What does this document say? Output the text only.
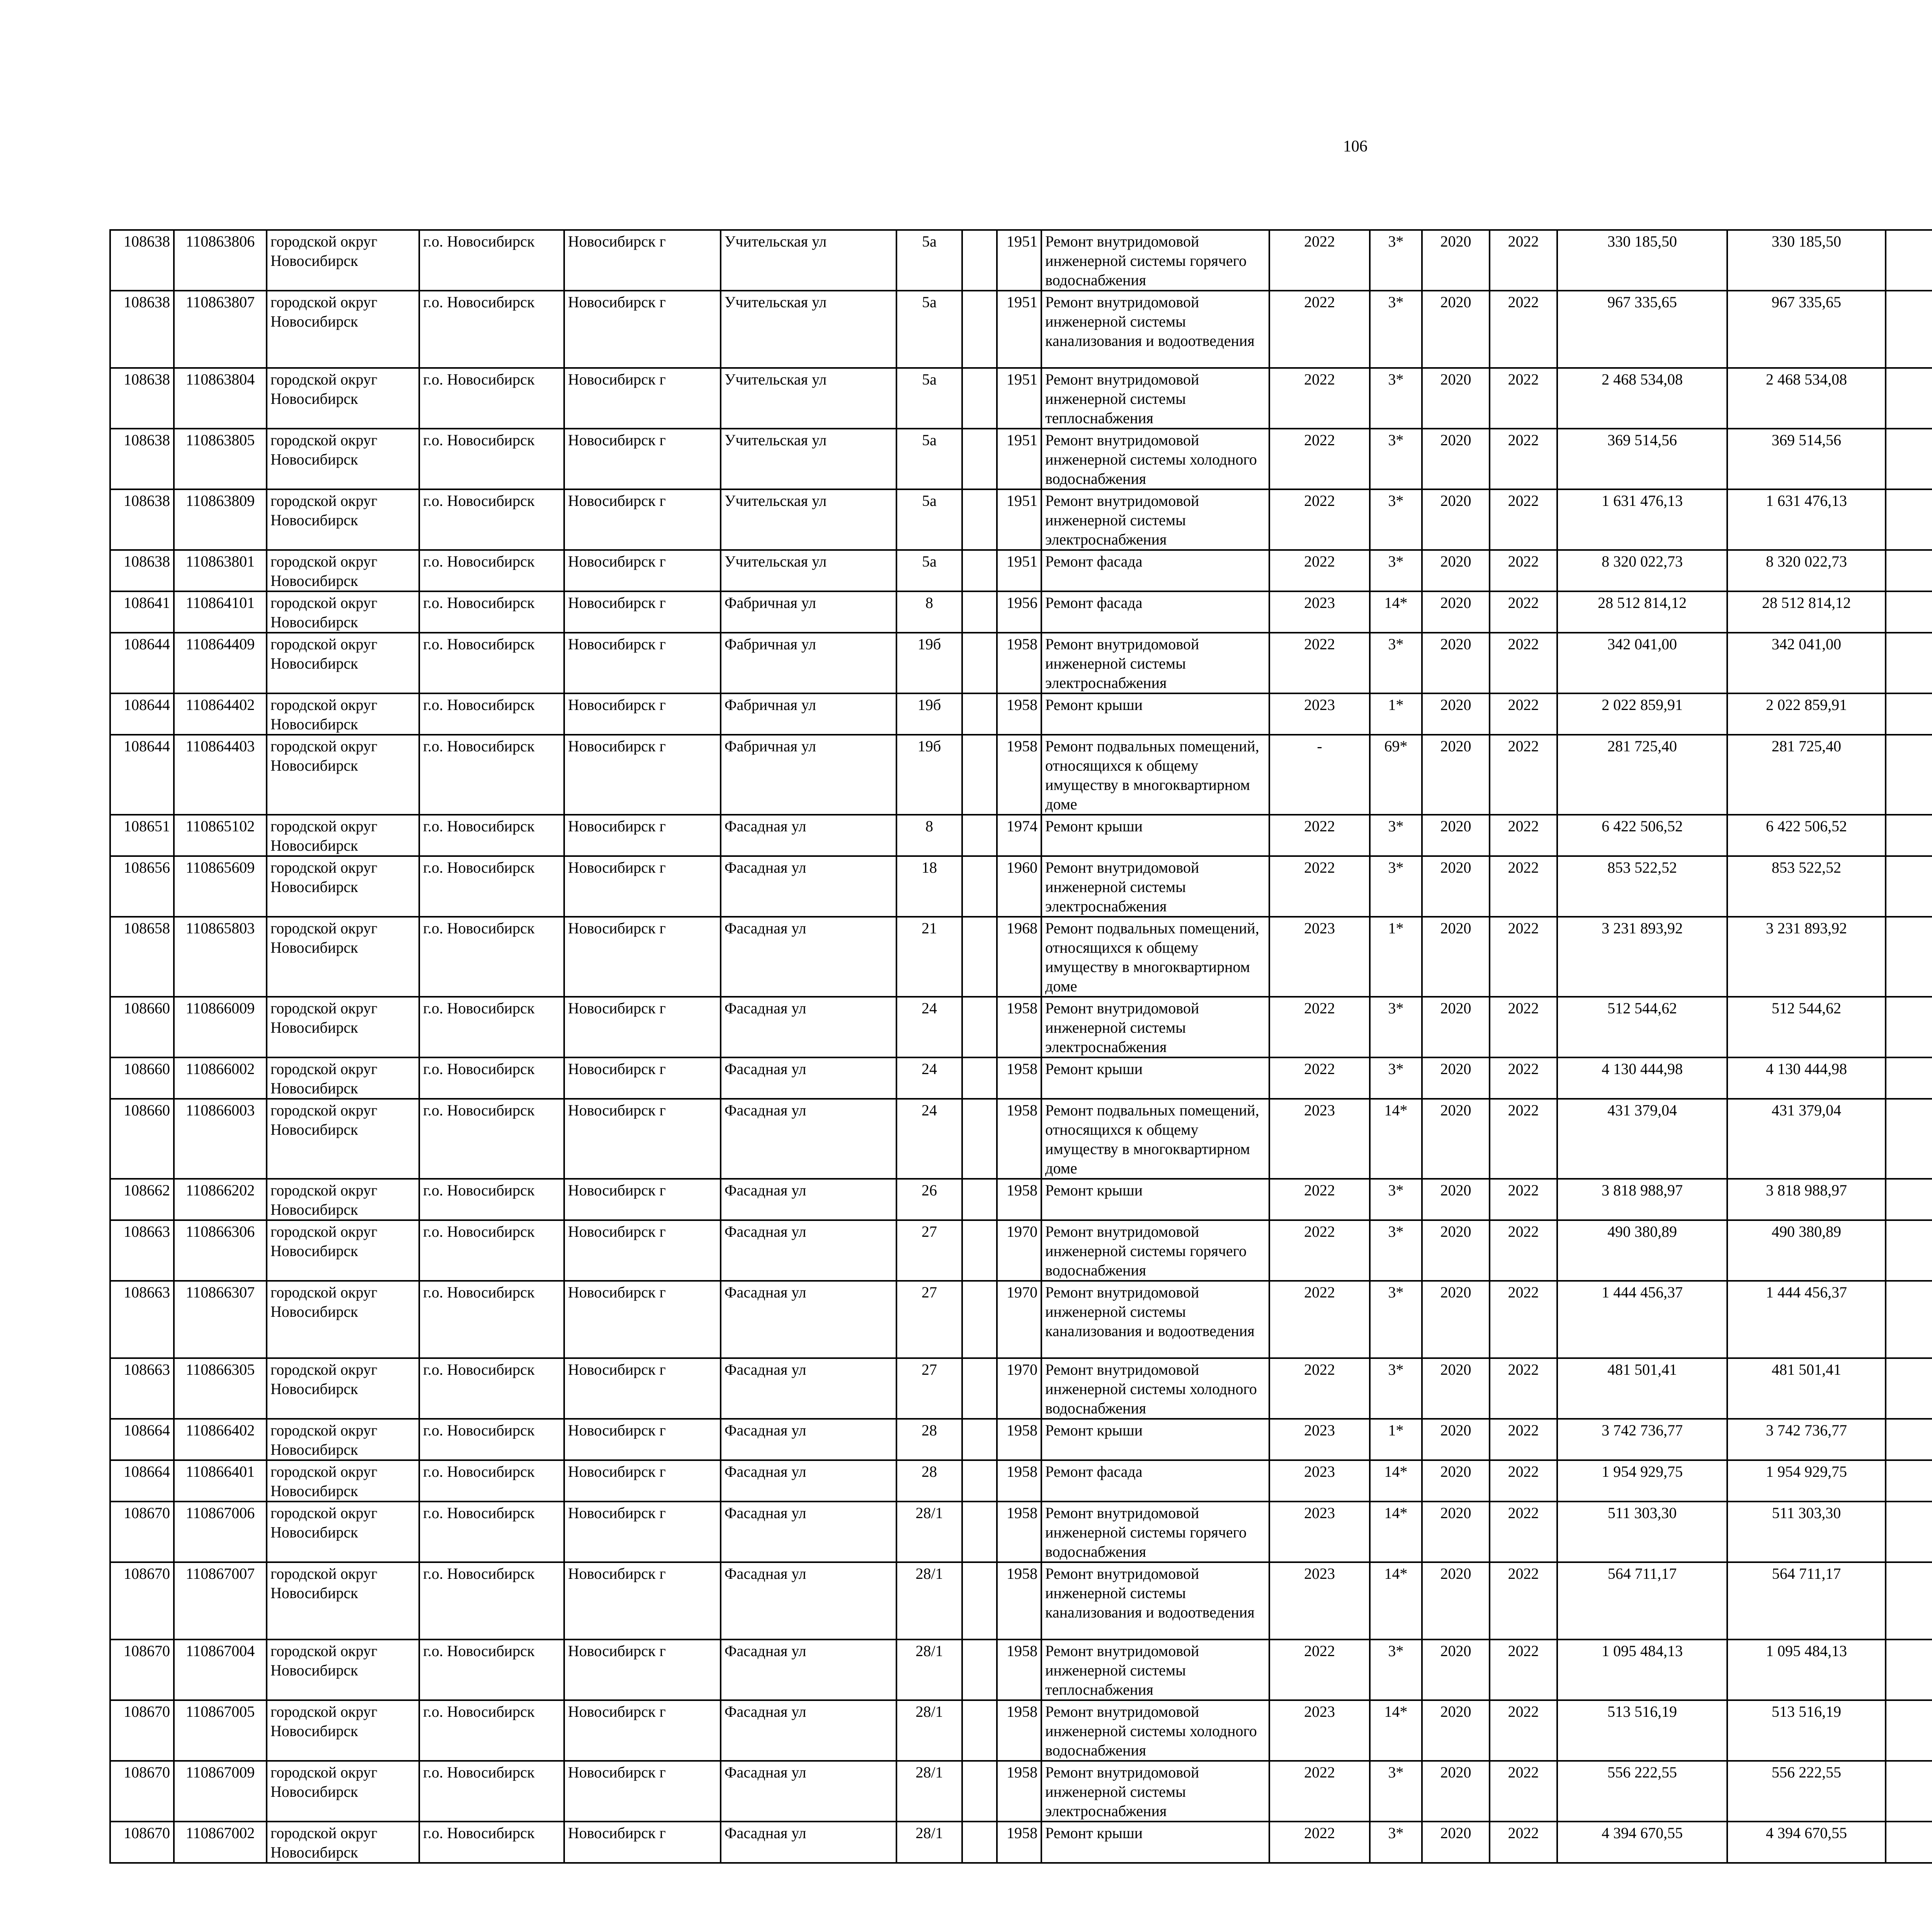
106
108638	110863806	городской округ Новосибирск	г.о. Новосибирск	Новосибирск г	Учительская ул	5а		1951	Ремонт внутридомовой инженерной системы горячего водоснабжения	2022	3*	2020	2022	330 185,50	330 185,50						
108638	110863807	городской округ Новосибирск	г.о. Новосибирск	Новосибирск г	Учительская ул	5а		1951	Ремонт внутридомовой инженерной системы канализования и водоотведения	2022	3*	2020	2022	967 335,65	967 335,65						
108638	110863804	городской округ Новосибирск	г.о. Новосибирск	Новосибирск г	Учительская ул	5а		1951	Ремонт внутридомовой инженерной системы теплоснабжения	2022	3*	2020	2022	2 468 534,08	2 468 534,08						
108638	110863805	городской округ Новосибирск	г.о. Новосибирск	Новосибирск г	Учительская ул	5а		1951	Ремонт внутридомовой инженерной системы холодного водоснабжения	2022	3*	2020	2022	369 514,56	369 514,56						
108638	110863809	городской округ Новосибирск	г.о. Новосибирск	Новосибирск г	Учительская ул	5а		1951	Ремонт внутридомовой инженерной системы электроснабжения	2022	3*	2020	2022	1 631 476,13	1 631 476,13						
108638	110863801	городской округ Новосибирск	г.о. Новосибирск	Новосибирск г	Учительская ул	5а		1951	Ремонт фасада	2022	3*	2020	2022	8 320 022,73	8 320 022,73						
108641	110864101	городской округ Новосибирск	г.о. Новосибирск	Новосибирск г	Фабричная ул	8		1956	Ремонт фасада	2023	14*	2020	2022	28 512 814,12	28 512 814,12						
108644	110864409	городской округ Новосибирск	г.о. Новосибирск	Новосибирск г	Фабричная ул	19б		1958	Ремонт внутридомовой инженерной системы электроснабжения	2022	3*	2020	2022	342 041,00	342 041,00						
108644	110864402	городской округ Новосибирск	г.о. Новосибирск	Новосибирск г	Фабричная ул	19б		1958	Ремонт крыши	2023	1*	2020	2022	2 022 859,91	2 022 859,91						
108644	110864403	городской округ Новосибирск	г.о. Новосибирск	Новосибирск г	Фабричная ул	19б		1958	Ремонт подвальных помещений, относящихся к общему имуществу в многоквартирном доме	-	69*	2020	2022	281 725,40	281 725,40						
108651	110865102	городской округ Новосибирск	г.о. Новосибирск	Новосибирск г	Фасадная ул	8		1974	Ремонт крыши	2022	3*	2020	2022	6 422 506,52	6 422 506,52						
108656	110865609	городской округ Новосибирск	г.о. Новосибирск	Новосибирск г	Фасадная ул	18		1960	Ремонт внутридомовой инженерной системы электроснабжения	2022	3*	2020	2022	853 522,52	853 522,52						
108658	110865803	городской округ Новосибирск	г.о. Новосибирск	Новосибирск г	Фасадная ул	21		1968	Ремонт подвальных помещений, относящихся к общему имуществу в многоквартирном доме	2023	1*	2020	2022	3 231 893,92	3 231 893,92						
108660	110866009	городской округ Новосибирск	г.о. Новосибирск	Новосибирск г	Фасадная ул	24		1958	Ремонт внутридомовой инженерной системы электроснабжения	2022	3*	2020	2022	512 544,62	512 544,62						
108660	110866002	городской округ Новосибирск	г.о. Новосибирск	Новосибирск г	Фасадная ул	24		1958	Ремонт крыши	2022	3*	2020	2022	4 130 444,98	4 130 444,98						
108660	110866003	городской округ Новосибирск	г.о. Новосибирск	Новосибирск г	Фасадная ул	24		1958	Ремонт подвальных помещений, относящихся к общему имуществу в многоквартирном доме	2023	14*	2020	2022	431 379,04	431 379,04						
108662	110866202	городской округ Новосибирск	г.о. Новосибирск	Новосибирск г	Фасадная ул	26		1958	Ремонт крыши	2022	3*	2020	2022	3 818 988,97	3 818 988,97						
108663	110866306	городской округ Новосибирск	г.о. Новосибирск	Новосибирск г	Фасадная ул	27		1970	Ремонт внутридомовой инженерной системы горячего водоснабжения	2022	3*	2020	2022	490 380,89	490 380,89						
108663	110866307	городской округ Новосибирск	г.о. Новосибирск	Новосибирск г	Фасадная ул	27		1970	Ремонт внутридомовой инженерной системы канализования и водоотведения	2022	3*	2020	2022	1 444 456,37	1 444 456,37						
108663	110866305	городской округ Новосибирск	г.о. Новосибирск	Новосибирск г	Фасадная ул	27		1970	Ремонт внутридомовой инженерной системы холодного водоснабжения	2022	3*	2020	2022	481 501,41	481 501,41						
108664	110866402	городской округ Новосибирск	г.о. Новосибирск	Новосибирск г	Фасадная ул	28		1958	Ремонт крыши	2023	1*	2020	2022	3 742 736,77	3 742 736,77						
108664	110866401	городской округ Новосибирск	г.о. Новосибирск	Новосибирск г	Фасадная ул	28		1958	Ремонт фасада	2023	14*	2020	2022	1 954 929,75	1 954 929,75						
108670	110867006	городской округ Новосибирск	г.о. Новосибирск	Новосибирск г	Фасадная ул	28/1		1958	Ремонт внутридомовой инженерной системы горячего водоснабжения	2023	14*	2020	2022	511 303,30	511 303,30						
108670	110867007	городской округ Новосибирск	г.о. Новосибирск	Новосибирск г	Фасадная ул	28/1		1958	Ремонт внутридомовой инженерной системы канализования и водоотведения	2023	14*	2020	2022	564 711,17	564 711,17						
108670	110867004	городской округ Новосибирск	г.о. Новосибирск	Новосибирск г	Фасадная ул	28/1		1958	Ремонт внутридомовой инженерной системы теплоснабжения	2022	3*	2020	2022	1 095 484,13	1 095 484,13						
108670	110867005	городской округ Новосибирск	г.о. Новосибирск	Новосибирск г	Фасадная ул	28/1		1958	Ремонт внутридомовой инженерной системы холодного водоснабжения	2023	14*	2020	2022	513 516,19	513 516,19						
108670	110867009	городской округ Новосибирск	г.о. Новосибирск	Новосибирск г	Фасадная ул	28/1		1958	Ремонт внутридомовой инженерной системы электроснабжения	2022	3*	2020	2022	556 222,55	556 222,55						
108670	110867002	городской округ Новосибирск	г.о. Новосибирск	Новосибирск г	Фасадная ул	28/1		1958	Ремонт крыши	2022	3*	2020	2022	4 394 670,55	4 394 670,55						
